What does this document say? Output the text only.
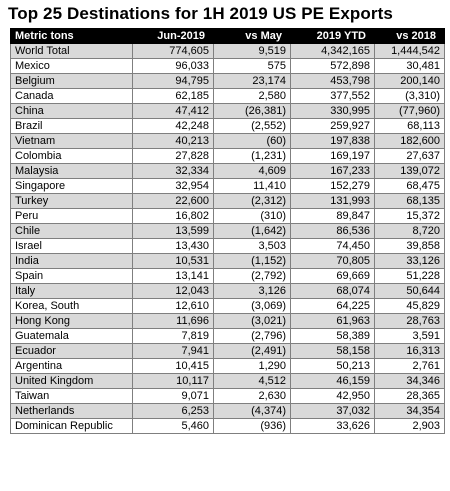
Top 25 Destinations for 1H 2019 US PE Exports
Metric tons	Jun-2019	vs May	2019 YTD	vs 2018
World Total	774,605	9,519	4,342,165	1,444,542
Mexico	96,033	575	572,898	30,481
Belgium	94,795	23,174	453,798	200,140
Canada	62,185	2,580	377,552	(3,310)
China	47,412	(26,381)	330,995	(77,960)
Brazil	42,248	(2,552)	259,927	68,113
Vietnam	40,213	(60)	197,838	182,600
Colombia	27,828	(1,231)	169,197	27,637
Malaysia	32,334	4,609	167,233	139,072
Singapore	32,954	11,410	152,279	68,475
Turkey	22,600	(2,312)	131,993	68,135
Peru	16,802	(310)	89,847	15,372
Chile	13,599	(1,642)	86,536	8,720
Israel	13,430	3,503	74,450	39,858
India	10,531	(1,152)	70,805	33,126
Spain	13,141	(2,792)	69,669	51,228
Italy	12,043	3,126	68,074	50,644
Korea, South	12,610	(3,069)	64,225	45,829
Hong Kong	11,696	(3,021)	61,963	28,763
Guatemala	7,819	(2,796)	58,389	3,591
Ecuador	7,941	(2,491)	58,158	16,313
Argentina	10,415	1,290	50,213	2,761
United Kingdom	10,117	4,512	46,159	34,346
Taiwan	9,071	2,630	42,950	28,365
Netherlands	6,253	(4,374)	37,032	34,354
Dominican Republic	5,460	(936)	33,626	2,903
